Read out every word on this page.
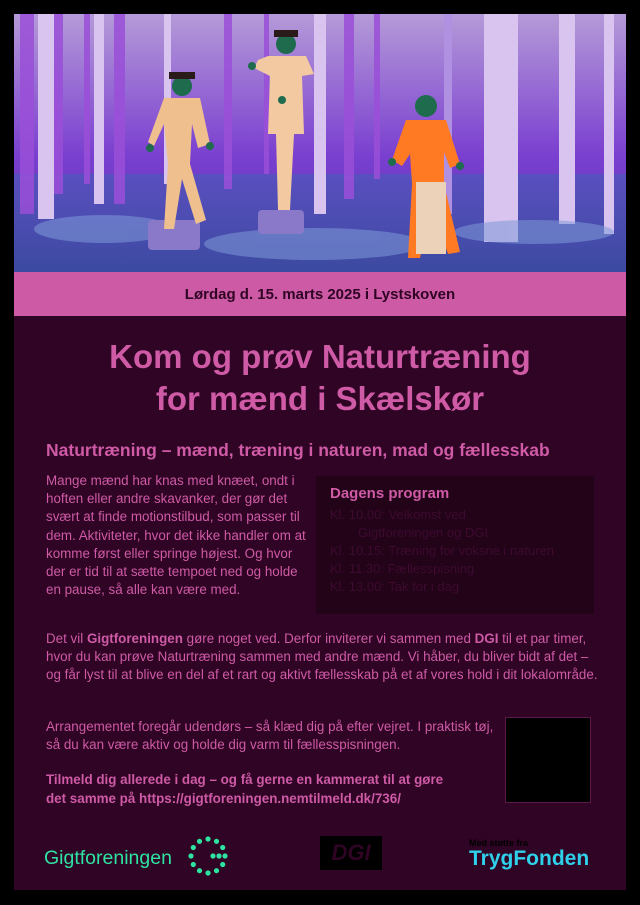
Lørdag d. 15. marts 2025 i Lystskoven
Kom og prøv Naturtræning
for mænd i Skælskør
Naturtræning – mænd, træning i naturen, mad og fællesskab
Mange mænd har knas med knæet, ondt i hoften eller andre skavanker, der gør det svært at finde motionstilbud, som passer til dem. Aktiviteter, hvor det ikke handler om at komme først eller springe højest. Og hvor der er tid til at sætte tempoet ned og holde en pause, så alle kan være med.
Dagens program
Kl. 10.00: Velkomst ved
Gigtforeningen og DGI
Kl. 10.15: Træning for voksne i naturen
Kl. 11.30: Fællesspisning
Kl. 13.00: Tak for i dag
Det vil Gigtforeningen gøre noget ved. Derfor inviterer vi sammen med DGI til et par timer, hvor du kan prøve Naturtræning sammen med andre mænd. Vi håber, du bliver bidt af det – og får lyst til at blive en del af et rart og aktivt fællesskab på et af vores hold i dit lokalområde.
Arrangementet foregår udendørs – så klæd dig på efter vejret. I praktisk tøj, så du kan være aktiv og holde dig varm til fællesspisningen.
Tilmeld dig allerede i dag – og få gerne en kammerat til at gøre
det samme på https://gigtforeningen.nemtilmeld.dk/736/
Gigtforeningen	DGI	Med støtte fra
TrygFonden
